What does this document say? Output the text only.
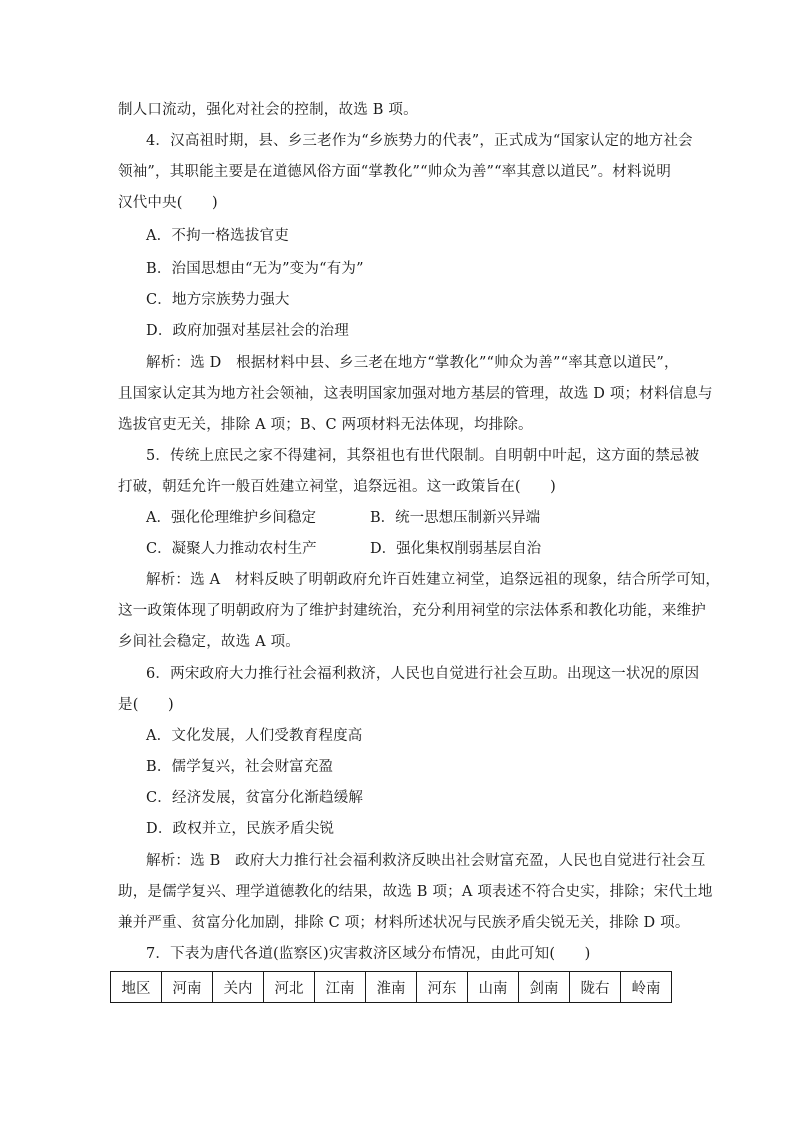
制人口流动，强化对社会的控制，故选 B 项。
4．汉高祖时期，县、乡三老作为“乡族势力的代表”，正式成为“国家认定的地方社会
领袖”，其职能主要是在道德风俗方面“掌教化”“帅众为善”“率其意以道民”。材料说明
汉代中央(　　)
A．不拘一格选拔官吏
B．治国思想由“无为”变为“有为”
C．地方宗族势力强大
D．政府加强对基层社会的治理
解析：选 D　根据材料中县、乡三老在地方“掌教化”“帅众为善”“率其意以道民”，
且国家认定其为地方社会领袖，这表明国家加强对地方基层的管理，故选 D 项；材料信息与
选拔官吏无关，排除 A 项；B、C 两项材料无法体现，均排除。
5．传统上庶民之家不得建祠，其祭祖也有世代限制。自明朝中叶起，这方面的禁忌被
打破，朝廷允许一般百姓建立祠堂，追祭远祖。这一政策旨在(　　)
A．强化伦理维护乡间稳定	B．统一思想压制新兴异端
C．凝聚人力推动农村生产	D．强化集权削弱基层自治
解析：选 A　材料反映了明朝政府允许百姓建立祠堂，追祭远祖的现象，结合所学可知，
这一政策体现了明朝政府为了维护封建统治，充分利用祠堂的宗法体系和教化功能，来维护
乡间社会稳定，故选 A 项。
6．两宋政府大力推行社会福利救济，人民也自觉进行社会互助。出现这一状况的原因
是(　　)
A．文化发展，人们受教育程度高
B．儒学复兴，社会财富充盈
C．经济发展，贫富分化渐趋缓解
D．政权并立，民族矛盾尖锐
解析：选 B　政府大力推行社会福利救济反映出社会财富充盈，人民也自觉进行社会互
助，是儒学复兴、理学道德教化的结果，故选 B 项；A 项表述不符合史实，排除；宋代土地
兼并严重、贫富分化加剧，排除 C 项；材料所述状况与民族矛盾尖锐无关，排除 D 项。
7．下表为唐代各道(监察区)灾害救济区域分布情况，由此可知(　　)
地区	河南	关内	河北	江南	淮南	河东	山南	剑南	陇右	岭南
